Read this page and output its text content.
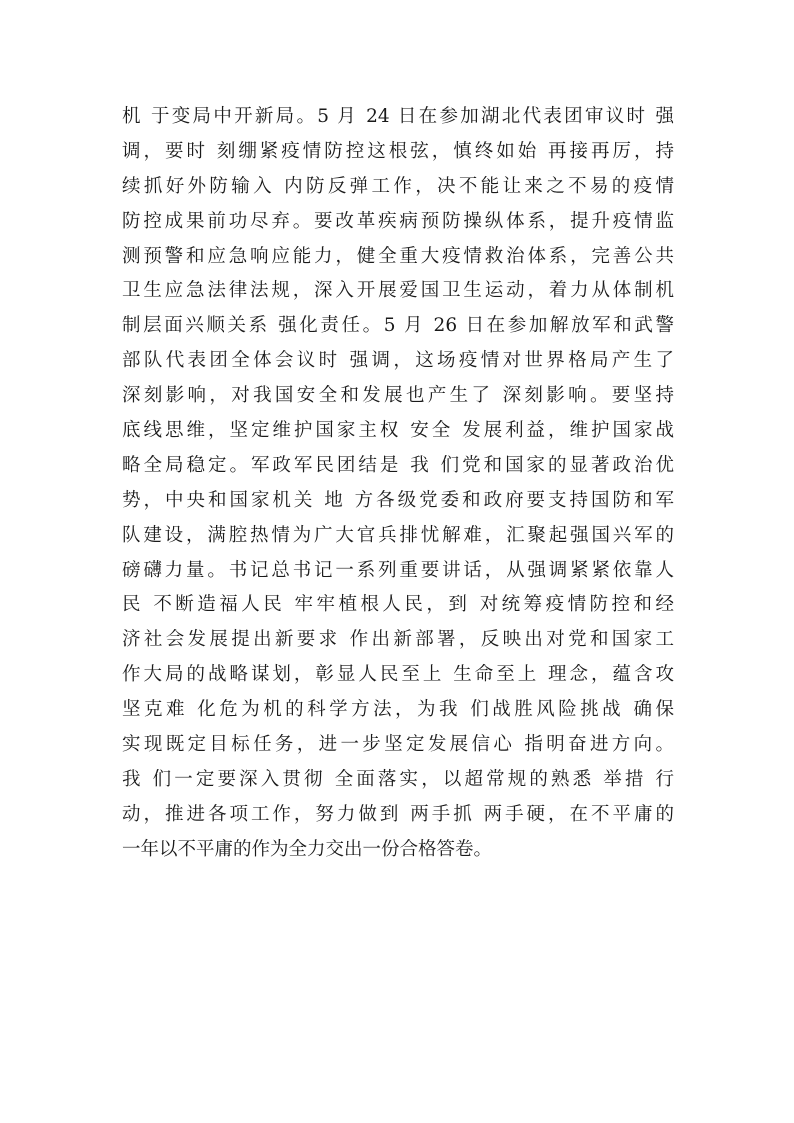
机 于变局中开新局。5 月 24 日在参加湖北代表团审议时 强
调，要时 刻绷紧疫情防控这根弦，慎终如始 再接再厉，持
续抓好外防输入 内防反弹工作，决不能让来之不易的疫情
防控成果前功尽弃。要改革疾病预防操纵体系，提升疫情监
测预警和应急响应能力，健全重大疫情救治体系，完善公共
卫生应急法律法规，深入开展爱国卫生运动，着力从体制机
制层面兴顺关系 强化责任。5 月 26 日在参加解放军和武警
部队代表团全体会议时 强调，这场疫情对世界格局产生了
深刻影响，对我国安全和发展也产生了 深刻影响。要坚持
底线思维，坚定维护国家主权 安全 发展利益，维护国家战
略全局稳定。军政军民团结是 我 们党和国家的显著政治优
势，中央和国家机关 地 方各级党委和政府要支持国防和军
队建设，满腔热情为广大官兵排忧解难，汇聚起强国兴军的
磅礴力量。书记总书记一系列重要讲话，从强调紧紧依靠人
民 不断造福人民 牢牢植根人民，到 对统筹疫情防控和经
济社会发展提出新要求 作出新部署，反映出对党和国家工
作大局的战略谋划，彰显人民至上 生命至上 理念，蕴含攻
坚克难 化危为机的科学方法，为我 们战胜风险挑战 确保
实现既定目标任务，进一步坚定发展信心 指明奋进方向。
我 们一定要深入贯彻 全面落实，以超常规的熟悉 举措 行
动，推进各项工作，努力做到 两手抓 两手硬，在不平庸的
一年以不平庸的作为全力交出一份合格答卷。
